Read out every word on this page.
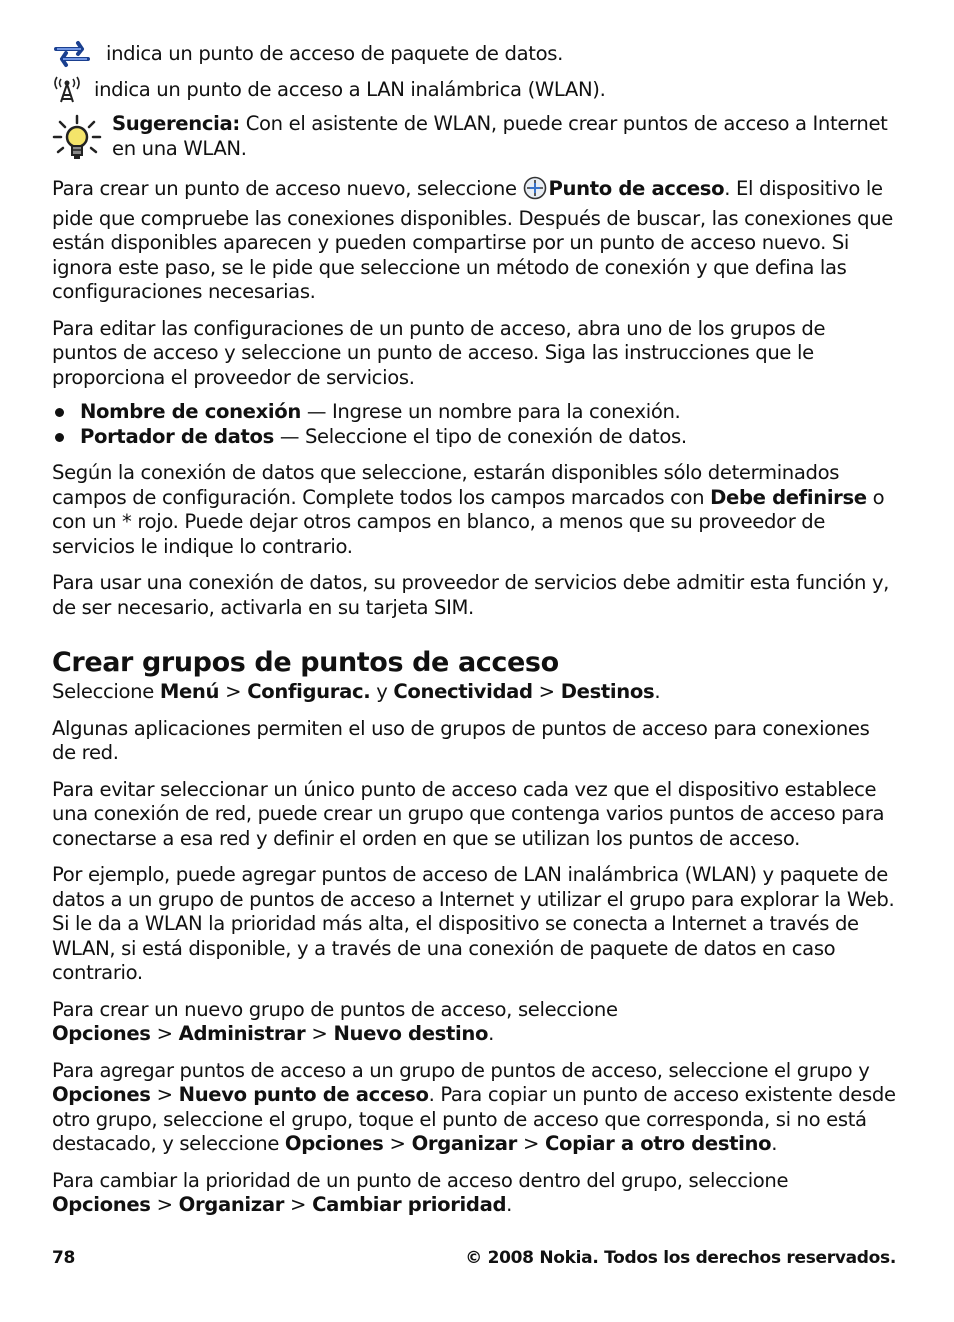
indica un punto de acceso de paquete de datos.
indica un punto de acceso a LAN inalámbrica (WLAN).
Sugerencia: Con el asistente de WLAN, puede crear puntos de acceso a Internet en una WLAN.

Para crear un punto de acceso nuevo, seleccione Punto de acceso. El dispositivo le pide que compruebe las conexiones disponibles. Después de buscar, las conexiones que están disponibles aparecen y pueden compartirse por un punto de acceso nuevo. Si ignora este paso, se le pide que seleccione un método de conexión y que defina las configuraciones necesarias.

Para editar las configuraciones de un punto de acceso, abra uno de los grupos de puntos de acceso y seleccione un punto de acceso. Siga las instrucciones que le proporciona el proveedor de servicios.

Nombre de conexión — Ingrese un nombre para la conexión.
Portador de datos — Seleccione el tipo de conexión de datos.

Según la conexión de datos que seleccione, estarán disponibles sólo determinados campos de configuración. Complete todos los campos marcados con Debe definirse o con un * rojo. Puede dejar otros campos en blanco, a menos que su proveedor de servicios le indique lo contrario.

Para usar una conexión de datos, su proveedor de servicios debe admitir esta función y, de ser necesario, activarla en su tarjeta SIM.

Crear grupos de puntos de acceso

Seleccione Menú > Configurac. y Conectividad > Destinos.

Algunas aplicaciones permiten el uso de grupos de puntos de acceso para conexiones de red.

Para evitar seleccionar un único punto de acceso cada vez que el dispositivo establece una conexión de red, puede crear un grupo que contenga varios puntos de acceso para conectarse a esa red y definir el orden en que se utilizan los puntos de acceso.

Por ejemplo, puede agregar puntos de acceso de LAN inalámbrica (WLAN) y paquete de datos a un grupo de puntos de acceso a Internet y utilizar el grupo para explorar la Web. Si le da a WLAN la prioridad más alta, el dispositivo se conecta a Internet a través de WLAN, si está disponible, y a través de una conexión de paquete de datos en caso contrario.

Para crear un nuevo grupo de puntos de acceso, seleccione Opciones > Administrar > Nuevo destino.

Para agregar puntos de acceso a un grupo de puntos de acceso, seleccione el grupo y Opciones > Nuevo punto de acceso. Para copiar un punto de acceso existente desde otro grupo, seleccione el grupo, toque el punto de acceso que corresponda, si no está destacado, y seleccione Opciones > Organizar > Copiar a otro destino.

Para cambiar la prioridad de un punto de acceso dentro del grupo, seleccione Opciones > Organizar > Cambiar prioridad.

78	© 2008 Nokia. Todos los derechos reservados.
